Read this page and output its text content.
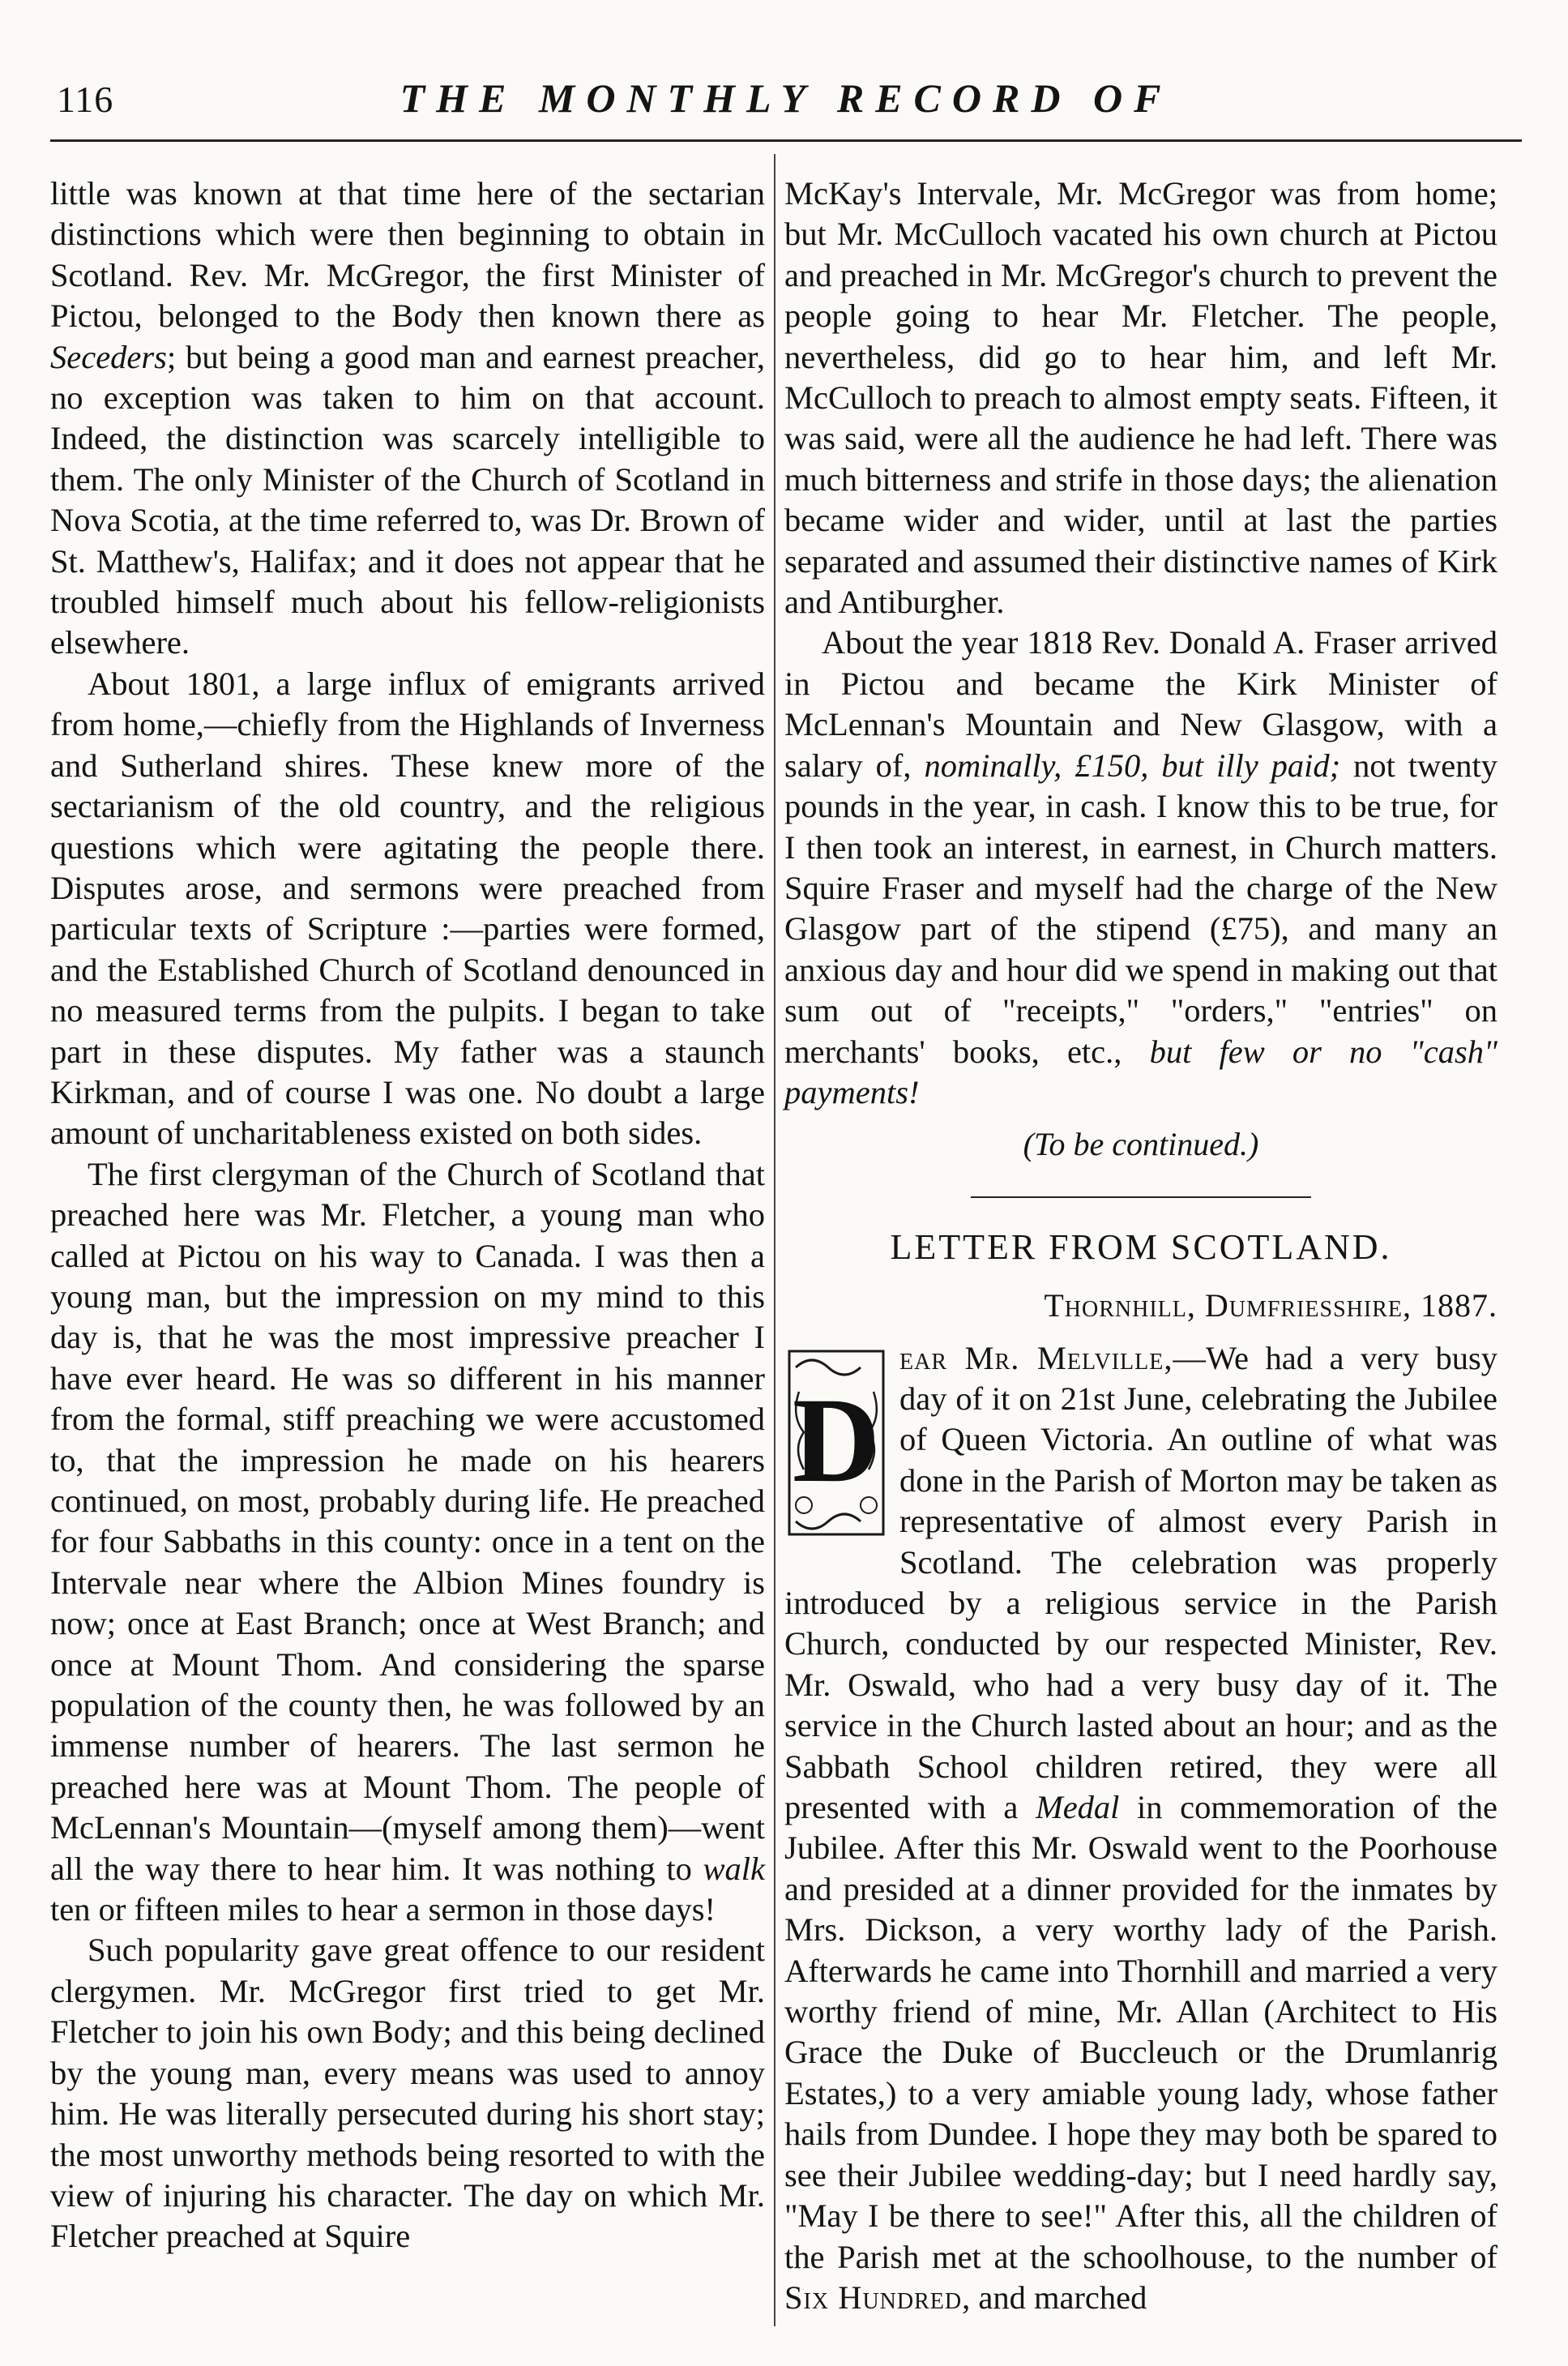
116	THE MONTHLY RECORD OF

little was known at that time here of the sectarian distinctions which were then beginning to obtain in Scotland. Rev. Mr. McGregor, the first Minister of Pictou, belonged to the Body then known there as Seceders; but being a good man and earnest preacher, no exception was taken to him on that account. Indeed, the distinction was scarcely intelligible to them. The only Minister of the Church of Scotland in Nova Scotia, at the time referred to, was Dr. Brown of St. Matthew's, Halifax; and it does not appear that he troubled himself much about his fellow-religionists elsewhere.

About 1801, a large influx of emigrants arrived from home,—chiefly from the Highlands of Inverness and Sutherland shires. These knew more of the sectarianism of the old country, and the religious questions which were agitating the people there. Disputes arose, and sermons were preached from particular texts of Scripture :—parties were formed, and the Established Church of Scotland denounced in no measured terms from the pulpits. I began to take part in these disputes. My father was a staunch Kirkman, and of course I was one. No doubt a large amount of uncharitableness existed on both sides.

The first clergyman of the Church of Scotland that preached here was Mr. Fletcher, a young man who called at Pictou on his way to Canada. I was then a young man, but the impression on my mind to this day is, that he was the most impressive preacher I have ever heard. He was so different in his manner from the formal, stiff preaching we were accustomed to, that the impression he made on his hearers continued, on most, probably during life. He preached for four Sabbaths in this county: once in a tent on the Intervale near where the Albion Mines foundry is now; once at East Branch; once at West Branch; and once at Mount Thom. And considering the sparse population of the county then, he was followed by an immense number of hearers. The last sermon he preached here was at Mount Thom. The people of McLennan's Mountain—(myself among them)—went all the way there to hear him. It was nothing to walk ten or fifteen miles to hear a sermon in those days!

Such popularity gave great offence to our resident clergymen. Mr. McGregor first tried to get Mr. Fletcher to join his own Body; and this being declined by the young man, every means was used to annoy him. He was literally persecuted during his short stay; the most unworthy methods being resorted to with the view of injuring his character. The day on which Mr. Fletcher preached at Squire

McKay's Intervale, Mr. McGregor was from home; but Mr. McCulloch vacated his own church at Pictou and preached in Mr. McGregor's church to prevent the people going to hear Mr. Fletcher. The people, nevertheless, did go to hear him, and left Mr. McCulloch to preach to almost empty seats. Fifteen, it was said, were all the audience he had left. There was much bitterness and strife in those days; the alienation became wider and wider, until at last the parties separated and assumed their distinctive names of Kirk and Antiburgher.

About the year 1818 Rev. Donald A. Fraser arrived in Pictou and became the Kirk Minister of McLennan's Mountain and New Glasgow, with a salary of, nominally, £150, but illy paid; not twenty pounds in the year, in cash. I know this to be true, for I then took an interest, in earnest, in Church matters. Squire Fraser and myself had the charge of the New Glasgow part of the stipend (£75), and many an anxious day and hour did we spend in making out that sum out of "receipts," "orders," "entries" on merchants' books, etc., but few or no "cash" payments!

(To be continued.)

LETTER FROM SCOTLAND.

Thornhill, Dumfriesshire, 1887.

D
ear Mr. Melville,—We had a very busy day of it on 21st June, celebrating the Jubilee of Queen Victoria. An outline of what was done in the Parish of Morton may be taken as representative of almost every Parish in Scotland. The celebration was properly introduced by a religious service in the Parish Church, conducted by our respected Minister, Rev. Mr. Oswald, who had a very busy day of it. The service in the Church lasted about an hour; and as the Sabbath School children retired, they were all presented with a Medal in commemoration of the Jubilee. After this Mr. Oswald went to the Poorhouse and presided at a dinner provided for the inmates by Mrs. Dickson, a very worthy lady of the Parish. Afterwards he came into Thornhill and married a very worthy friend of mine, Mr. Allan (Architect to His Grace the Duke of Buccleuch or the Drumlanrig Estates,) to a very amiable young lady, whose father hails from Dundee. I hope they may both be spared to see their Jubilee wedding-day; but I need hardly say, "May I be there to see!" After this, all the children of the Parish met at the schoolhouse, to the number of Six Hundred, and marched
